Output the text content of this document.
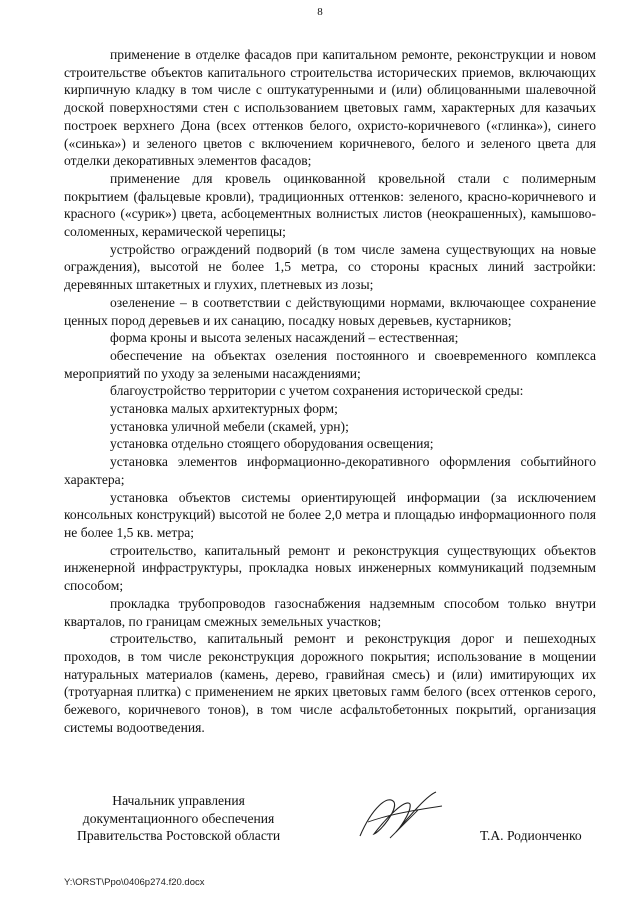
8

применение в отделке фасадов при капитальном ремонте, реконструкции и новом строительстве объектов капитального строительства исторических приемов, включающих кирпичную кладку в том числе с оштукатуренными и (или) облицованными шалевочной доской поверхностями стен с использованием цветовых гамм, характерных для казачьих построек верхнего Дона (всех оттенков белого, охристо-коричневого («глинка»), синего («синька») и зеленого цветов с включением коричневого, белого и зеленого цвета для отделки декоративных элементов фасадов;

применение для кровель оцинкованной кровельной стали с полимерным покрытием (фальцевые кровли), традиционных оттенков: зеленого, красно-коричневого и красного («сурик») цвета, асбоцементных волнистых листов (неокрашенных), камышово-соломенных, керамической черепицы;

устройство ограждений подворий (в том числе замена существующих на новые ограждения), высотой не более 1,5 метра, со стороны красных линий застройки: деревянных штакетных и глухих, плетневых из лозы;

озеленение – в соответствии с действующими нормами, включающее сохранение ценных пород деревьев и их санацию, посадку новых деревьев, кустарников;

форма кроны и высота зеленых насаждений – естественная;

обеспечение на объектах озеления постоянного и своевременного комплекса мероприятий по уходу за зелеными насаждениями;

благоустройство территории с учетом сохранения исторической среды:

установка малых архитектурных форм;

установка уличной мебели (скамей, урн);

установка отдельно стоящего оборудования освещения;

установка элементов информационно-декоративного оформления событийного характера;

установка объектов системы ориентирующей информации (за исключением консольных конструкций) высотой не более 2,0 метра и площадью информационного поля не более 1,5 кв. метра;

строительство, капитальный ремонт и реконструкция существующих объектов инженерной инфраструктуры, прокладка новых инженерных коммуникаций подземным способом;

прокладка трубопроводов газоснабжения надземным способом только внутри кварталов, по границам смежных земельных участков;

строительство, капитальный ремонт и реконструкция дорог и пешеходных проходов, в том числе реконструкция дорожного покрытия; использование в мощении натуральных материалов (камень, дерево, гравийная смесь) и (или) имитирующих их (тротуарная плитка) с применением не ярких цветовых гамм белого (всех оттенков серого, бежевого, коричневого тонов), в том числе асфальтобетонных покрытий, организация системы водоотведения.

Начальник управления
документационного обеспечения
Правительства Ростовской области	Т.А. Родионченко
Y:\ORST\Ppo\0406p274.f20.docx
